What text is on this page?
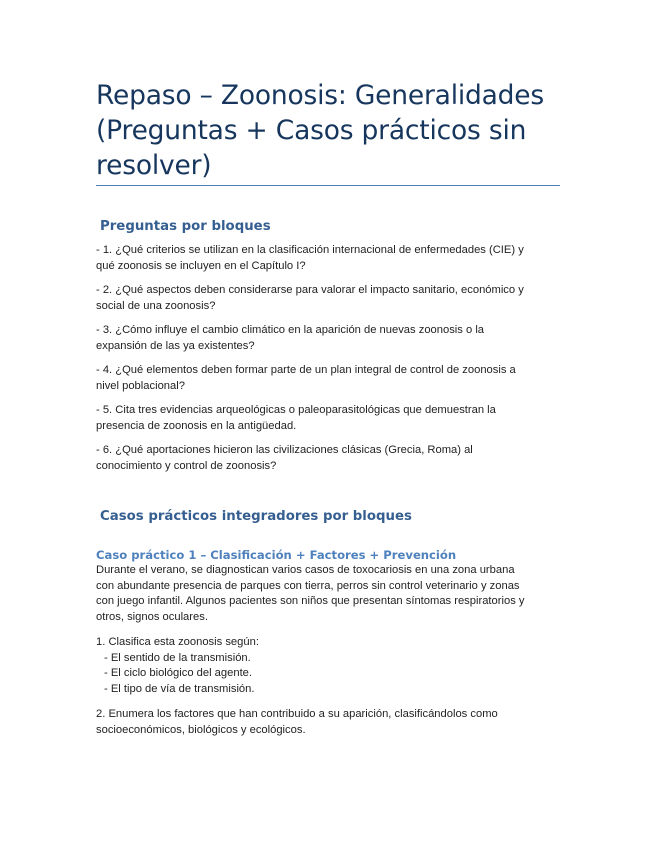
Repaso – Zoonosis: Generalidades
(Preguntas + Casos prácticos sin
resolver)
Preguntas por bloques
- 1. ¿Qué criterios se utilizan en la clasificación internacional de enfermedades (CIE) y
qué zoonosis se incluyen en el Capítulo I?
- 2. ¿Qué aspectos deben considerarse para valorar el impacto sanitario, económico y
social de una zoonosis?
- 3. ¿Cómo influye el cambio climático en la aparición de nuevas zoonosis o la
expansión de las ya existentes?
- 4. ¿Qué elementos deben formar parte de un plan integral de control de zoonosis a
nivel poblacional?
- 5. Cita tres evidencias arqueológicas o paleoparasitológicas que demuestran la
presencia de zoonosis en la antigüedad.
- 6. ¿Qué aportaciones hicieron las civilizaciones clásicas (Grecia, Roma) al
conocimiento y control de zoonosis?
Casos prácticos integradores por bloques
Caso práctico 1 – Clasificación + Factores + Prevención
Durante el verano, se diagnostican varios casos de toxocariosis en una zona urbana
con abundante presencia de parques con tierra, perros sin control veterinario y zonas
con juego infantil. Algunos pacientes son niños que presentan síntomas respiratorios y
otros, signos oculares.
1. Clasifica esta zoonosis según:
- El sentido de la transmisión.
- El ciclo biológico del agente.
- El tipo de vía de transmisión.
2. Enumera los factores que han contribuido a su aparición, clasificándolos como
socioeconómicos, biológicos y ecológicos.
